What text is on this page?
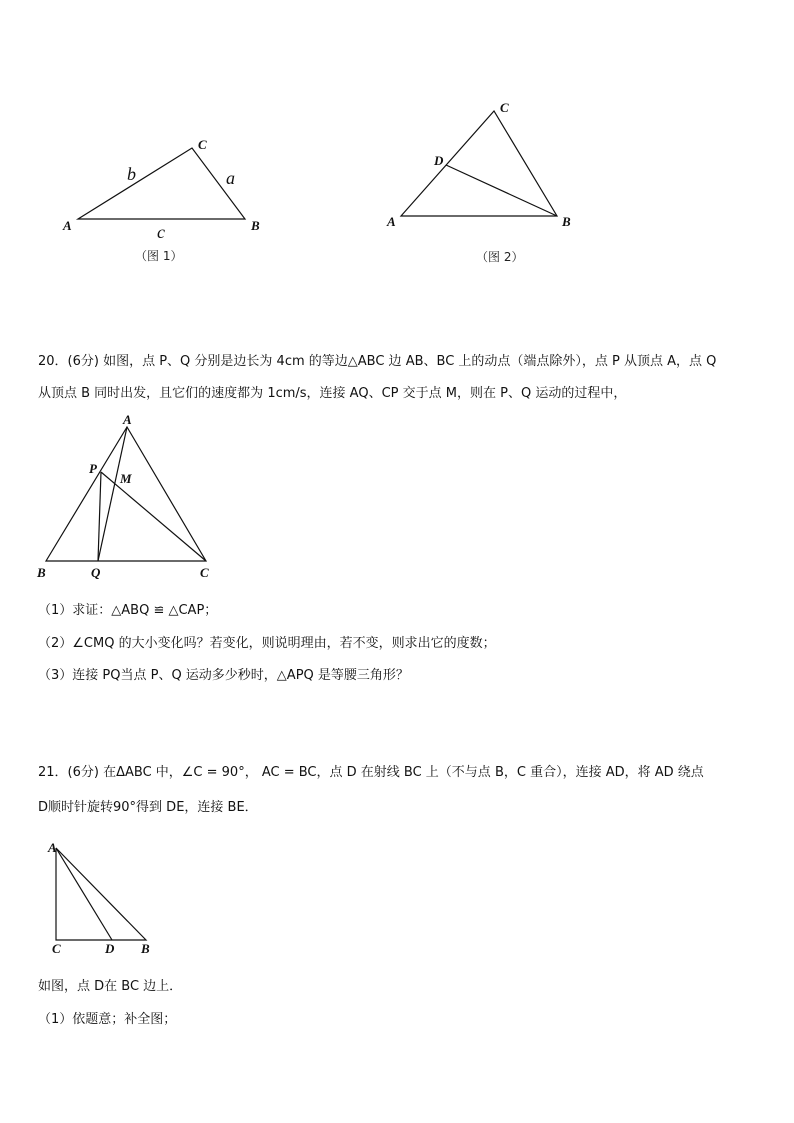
A	B
C
a
b
c
（图 1）
A	B
C
D
（图 2）
20．(6分) 如图，点 P、Q 分别是边长为 4cm 的等边△ABC 边 AB、BC 上的动点（端点除外），点 P 从顶点 A，点 Q
从顶点 B 同时出发，且它们的速度都为 1cm/s，连接 AQ、CP 交于点 M，则在 P、Q 运动的过程中，
A
B	C
P
Q
M
（1）求证：△ABQ ≌ △CAP；
（2）∠CMQ 的大小变化吗？若变化，则说明理由，若不变，则求出它的度数；
（3）连接 PQ当点 P、Q 运动多少秒时，△APQ 是等腰三角形？
21．(6分) 在ΔABC 中，∠C = 90°， AC = BC，点 D 在射线 BC 上（不与点 B，C 重合），连接 AD，将 AD 绕点
D顺时针旋转90°得到 DE，连接 BE．
A
C	D B
如图，点 D在 BC 边上．
（1）依题意；补全图；
